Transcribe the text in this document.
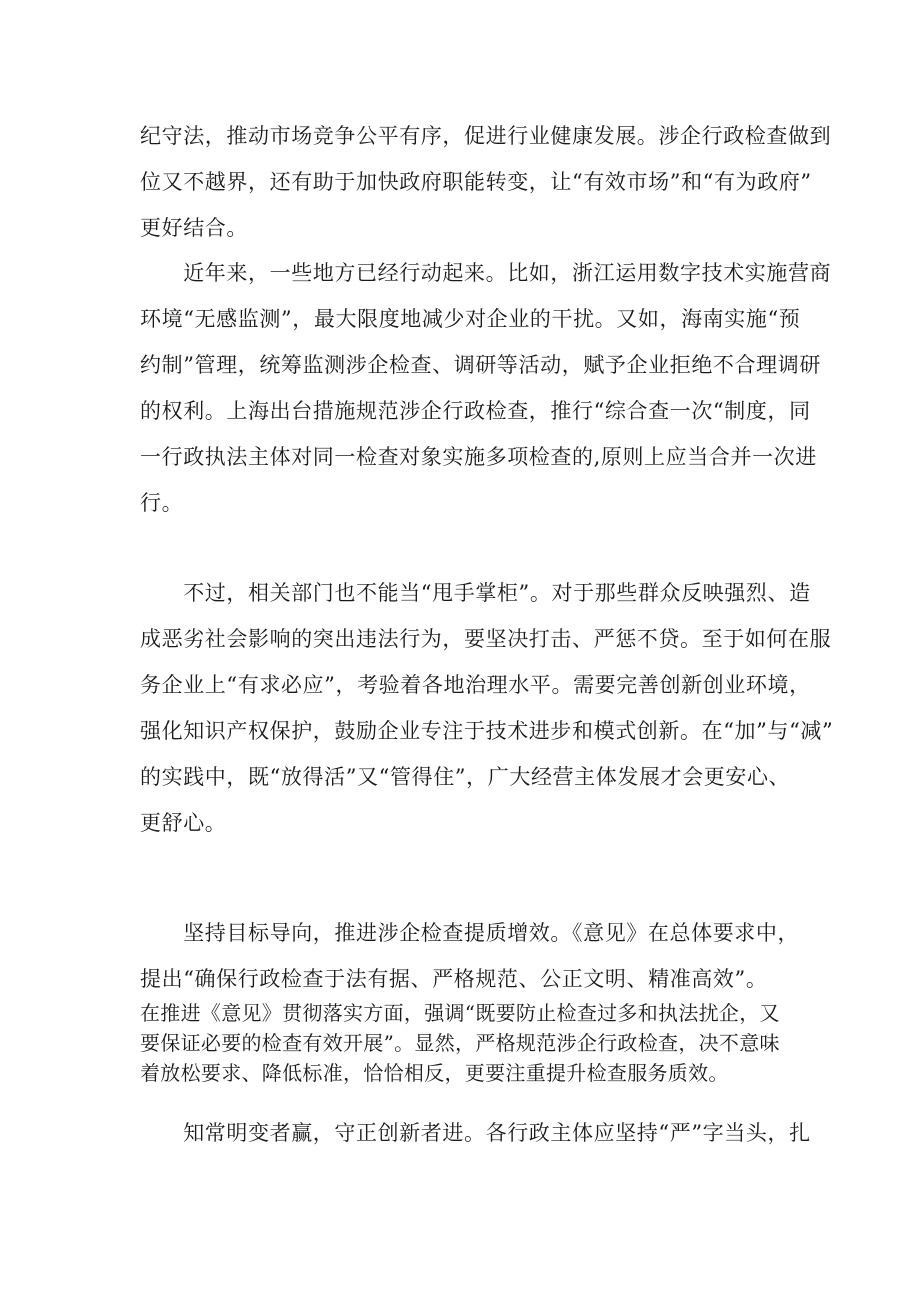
纪守法，推动市场竞争公平有序，促进行业健康发展。涉企行政检查做到
位又不越界，还有助于加快政府职能转变，让“有效市场”和“有为政府”
更好结合。
　　近年来，一些地方已经行动起来。比如，浙江运用数字技术实施营商
环境“无感监测”，最大限度地减少对企业的干扰。又如，海南实施“预
约制”管理，统筹监测涉企检查、调研等活动，赋予企业拒绝不合理调研
的权利。上海出台措施规范涉企行政检查，推行“综合查一次“制度，同
一行政执法主体对同一检查对象实施多项检查的,原则上应当合并一次进
行。
　　不过，相关部门也不能当“甩手掌柜”。对于那些群众反映强烈、造
成恶劣社会影响的突出违法行为，要坚决打击、严惩不贷。至于如何在服
务企业上“有求必应”，考验着各地治理水平。需要完善创新创业环境，
强化知识产权保护，鼓励企业专注于技术进步和模式创新。在“加”与“减”
的实践中，既“放得活”又“管得住”，广大经营主体发展才会更安心、
更舒心。
　　坚持目标导向，推进涉企检查提质增效。《意见》在总体要求中，
提出“确保行政检查于法有据、严格规范、公正文明、精准高效”。
在推进《意见》贯彻落实方面，强调“既要防止检查过多和执法扰企，又
要保证必要的检查有效开展”。显然，严格规范涉企行政检查，决不意味
着放松要求、降低标准，恰恰相反，更要注重提升检查服务质效。
　　知常明变者赢，守正创新者进。各行政主体应坚持“严”字当头，扎
